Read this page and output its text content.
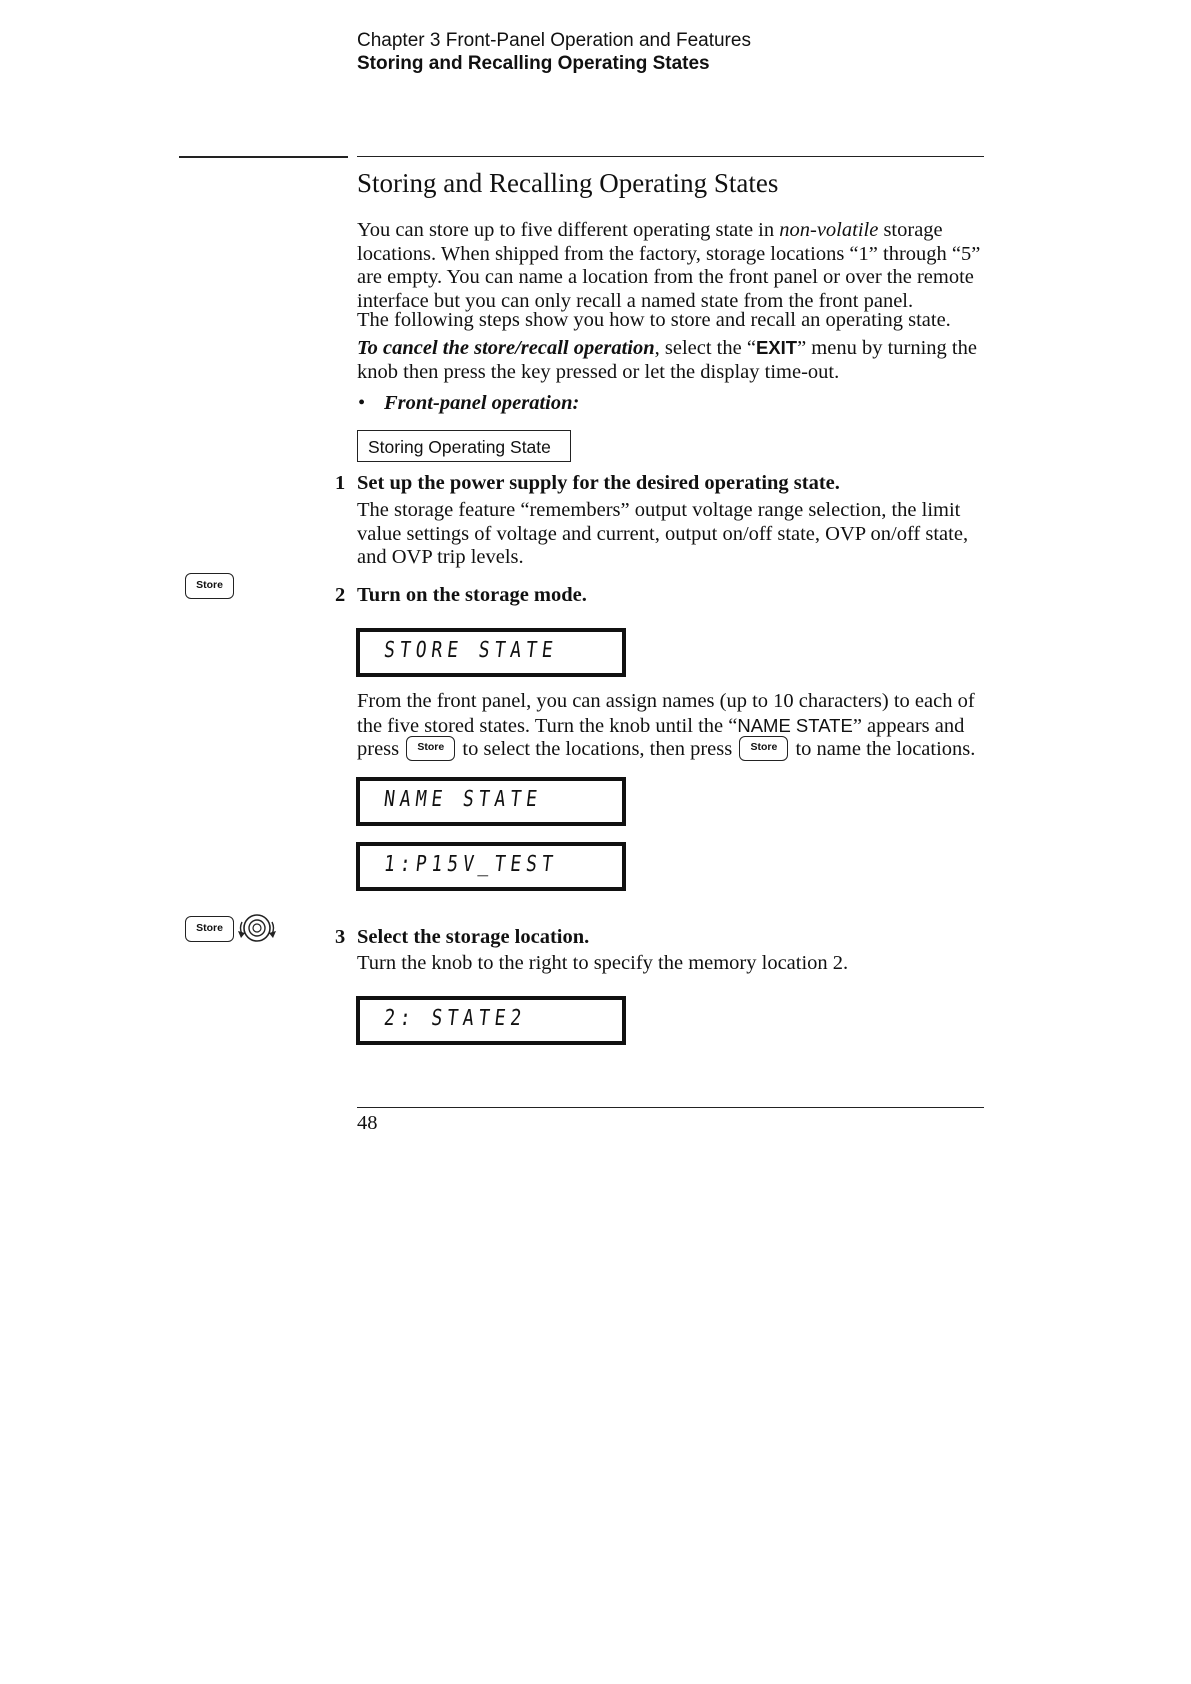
Chapter 3 Front-Panel Operation and Features
Storing and Recalling Operating States
Storing and Recalling Operating States
You can store up to five different operating state in non-volatile storage locations. When shipped from the factory, storage locations “1” through “5” are empty. You can name a location from the front panel or over the remote interface but you can only recall a named state from the front panel.
The following steps show you how to store and recall an operating state.
To cancel the store/recall operation, select the “EXIT” menu by turning the knob then press the key pressed or let the display time-out.
• Front-panel operation:
Storing Operating State
1 Set up the power supply for the desired operating state.
The storage feature “remembers” output voltage range selection, the limit value settings of voltage and current, output on/off state, OVP on/off state, and OVP trip levels.
Store	2 Turn on the storage mode.
STORE STATE
From the front panel, you can assign names (up to 10 characters) to each of the five stored states. Turn the knob until the “NAME STATE” appears and press Store to select the locations, then press Store to name the locations.
NAME STATE
1:P15V_TEST
Store	3 Select the storage location.
Turn the knob to the right to specify the memory location 2.
2: STATE2
48
